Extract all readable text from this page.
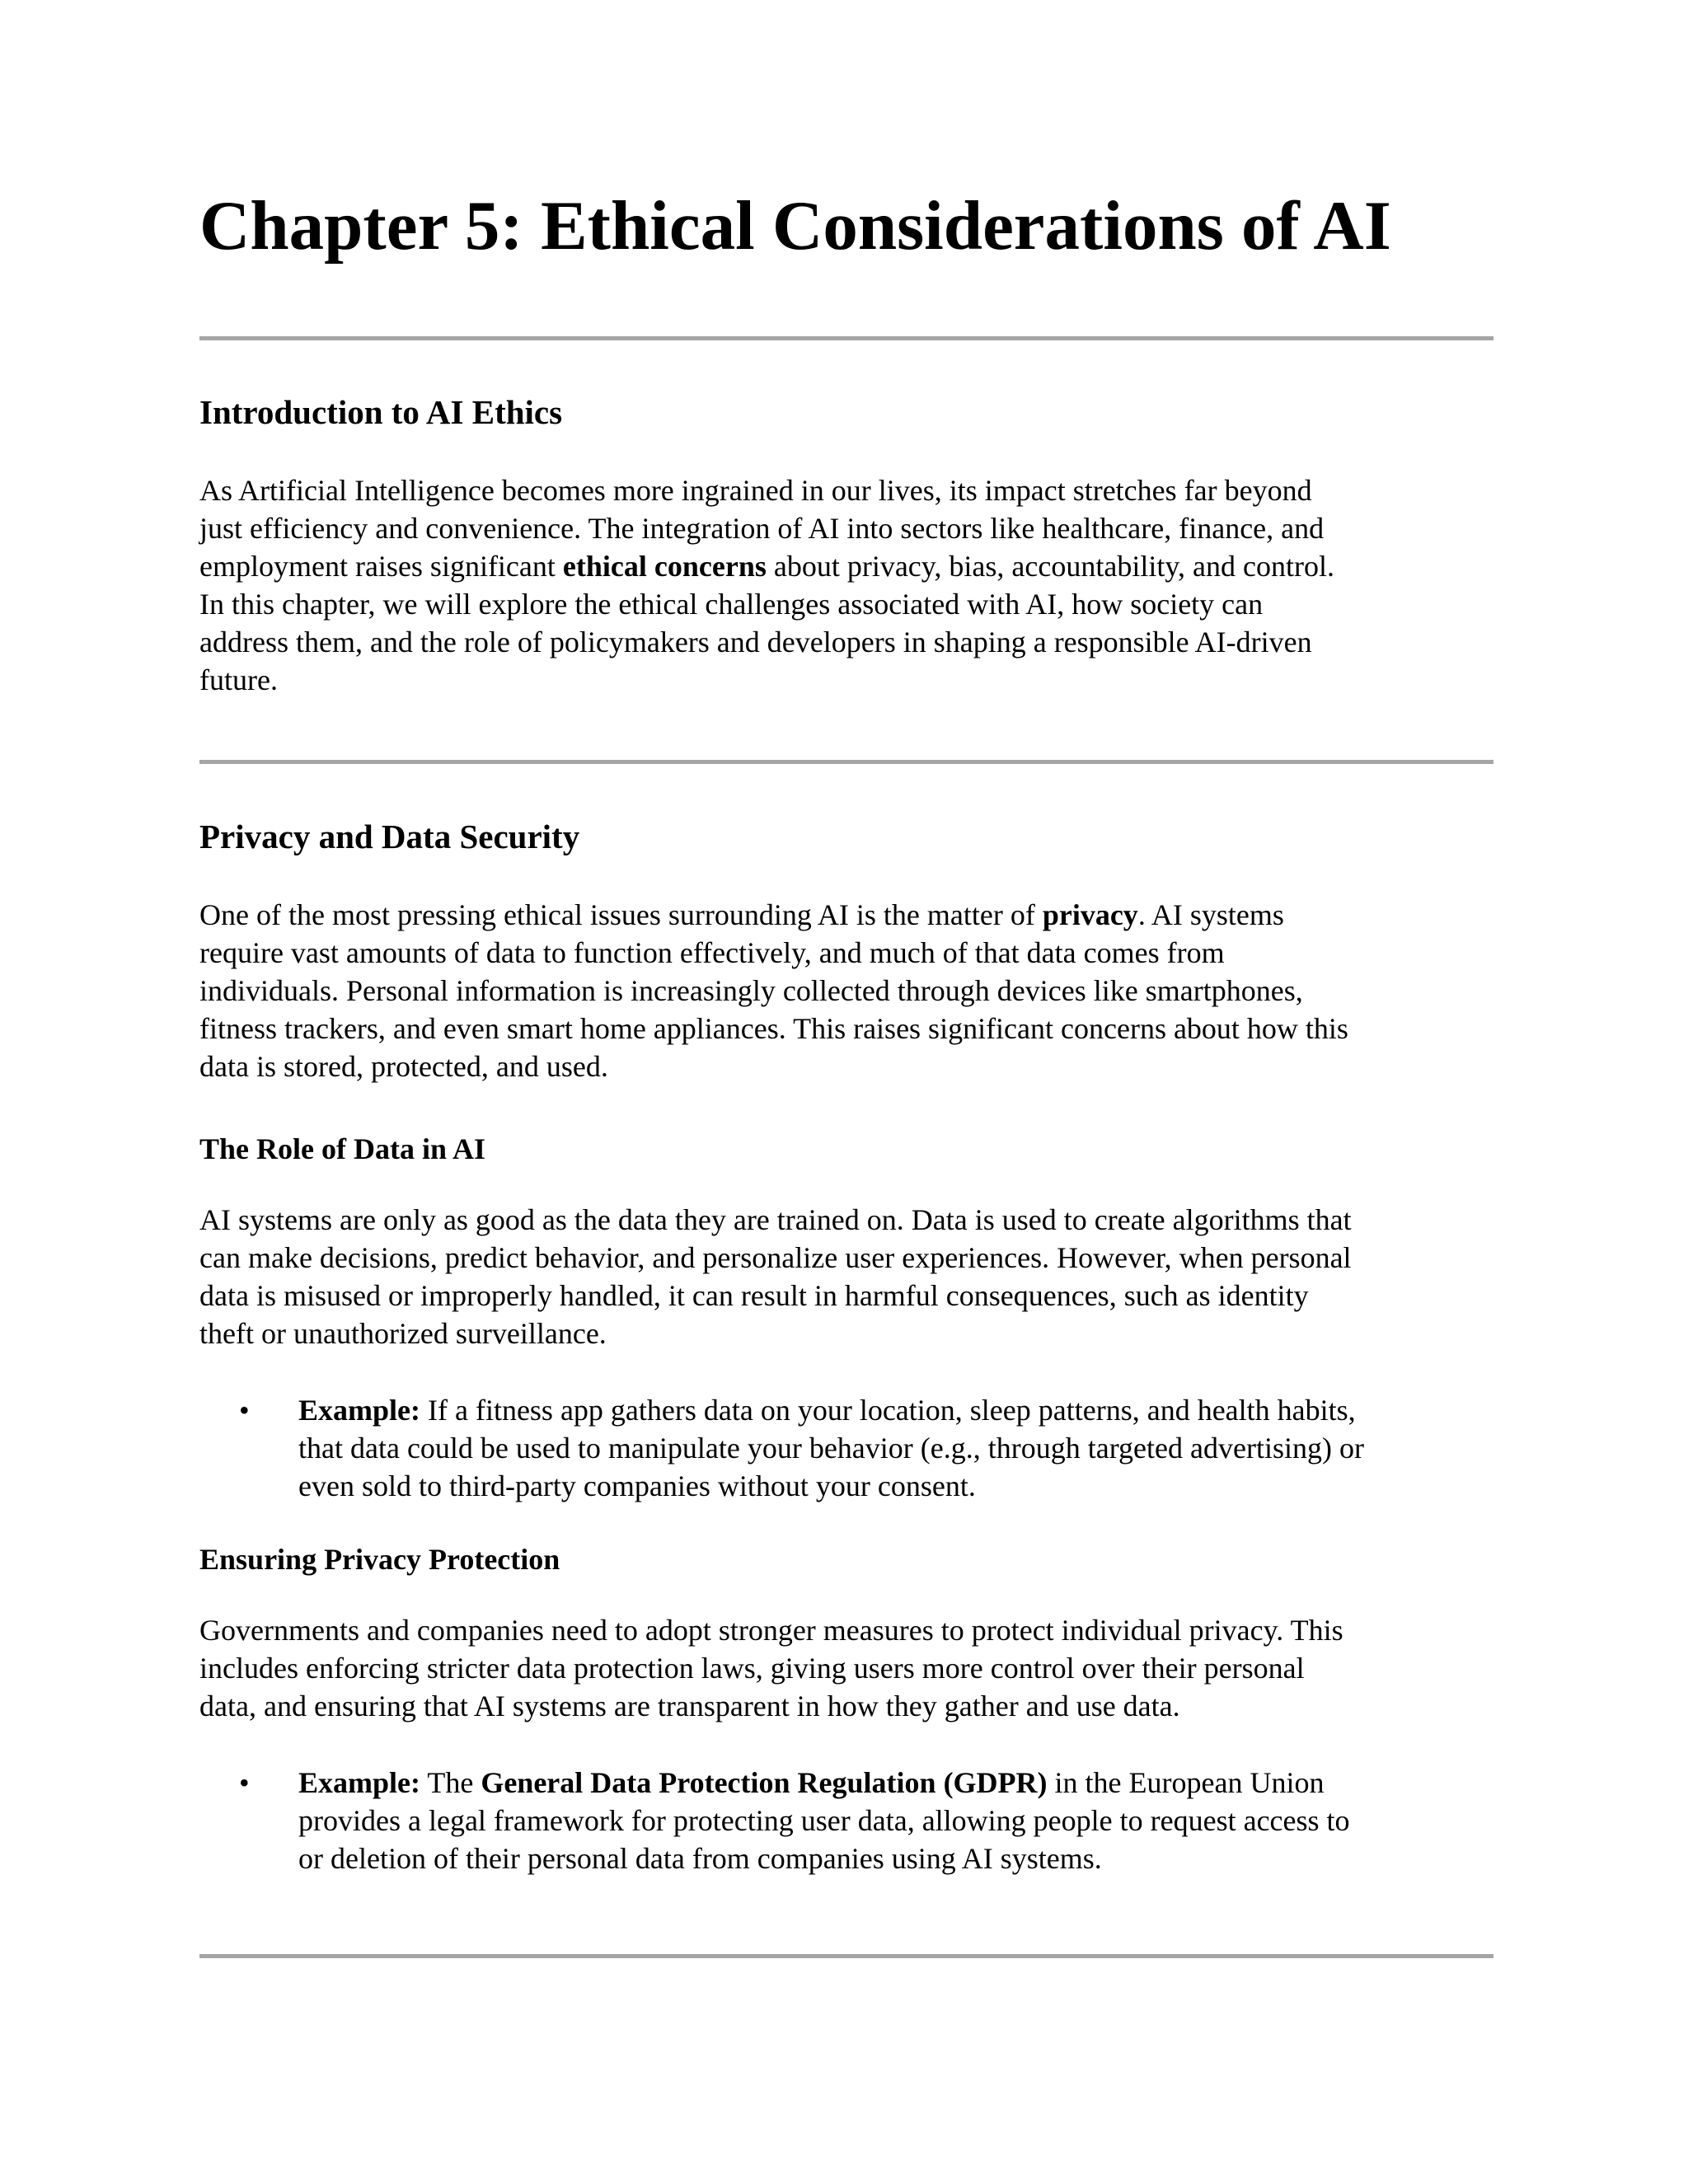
Chapter 5: Ethical Considerations of AI
Introduction to AI Ethics

As Artificial Intelligence becomes more ingrained in our lives, its impact stretches far beyond
just efficiency and convenience. The integration of AI into sectors like healthcare, finance, and
employment raises significant ethical concerns about privacy, bias, accountability, and control.
In this chapter, we will explore the ethical challenges associated with AI, how society can
address them, and the role of policymakers and developers in shaping a responsible AI-driven
future.

Privacy and Data Security

One of the most pressing ethical issues surrounding AI is the matter of privacy. AI systems
require vast amounts of data to function effectively, and much of that data comes from
individuals. Personal information is increasingly collected through devices like smartphones,
fitness trackers, and even smart home appliances. This raises significant concerns about how this
data is stored, protected, and used.

The Role of Data in AI

AI systems are only as good as the data they are trained on. Data is used to create algorithms that
can make decisions, predict behavior, and personalize user experiences. However, when personal
data is misused or improperly handled, it can result in harmful consequences, such as identity
theft or unauthorized surveillance.

• Example: If a fitness app gathers data on your location, sleep patterns, and health habits,
that data could be used to manipulate your behavior (e.g., through targeted advertising) or
even sold to third-party companies without your consent.

Ensuring Privacy Protection

Governments and companies need to adopt stronger measures to protect individual privacy. This
includes enforcing stricter data protection laws, giving users more control over their personal
data, and ensuring that AI systems are transparent in how they gather and use data.

• Example: The General Data Protection Regulation (GDPR) in the European Union
provides a legal framework for protecting user data, allowing people to request access to
or deletion of their personal data from companies using AI systems.
